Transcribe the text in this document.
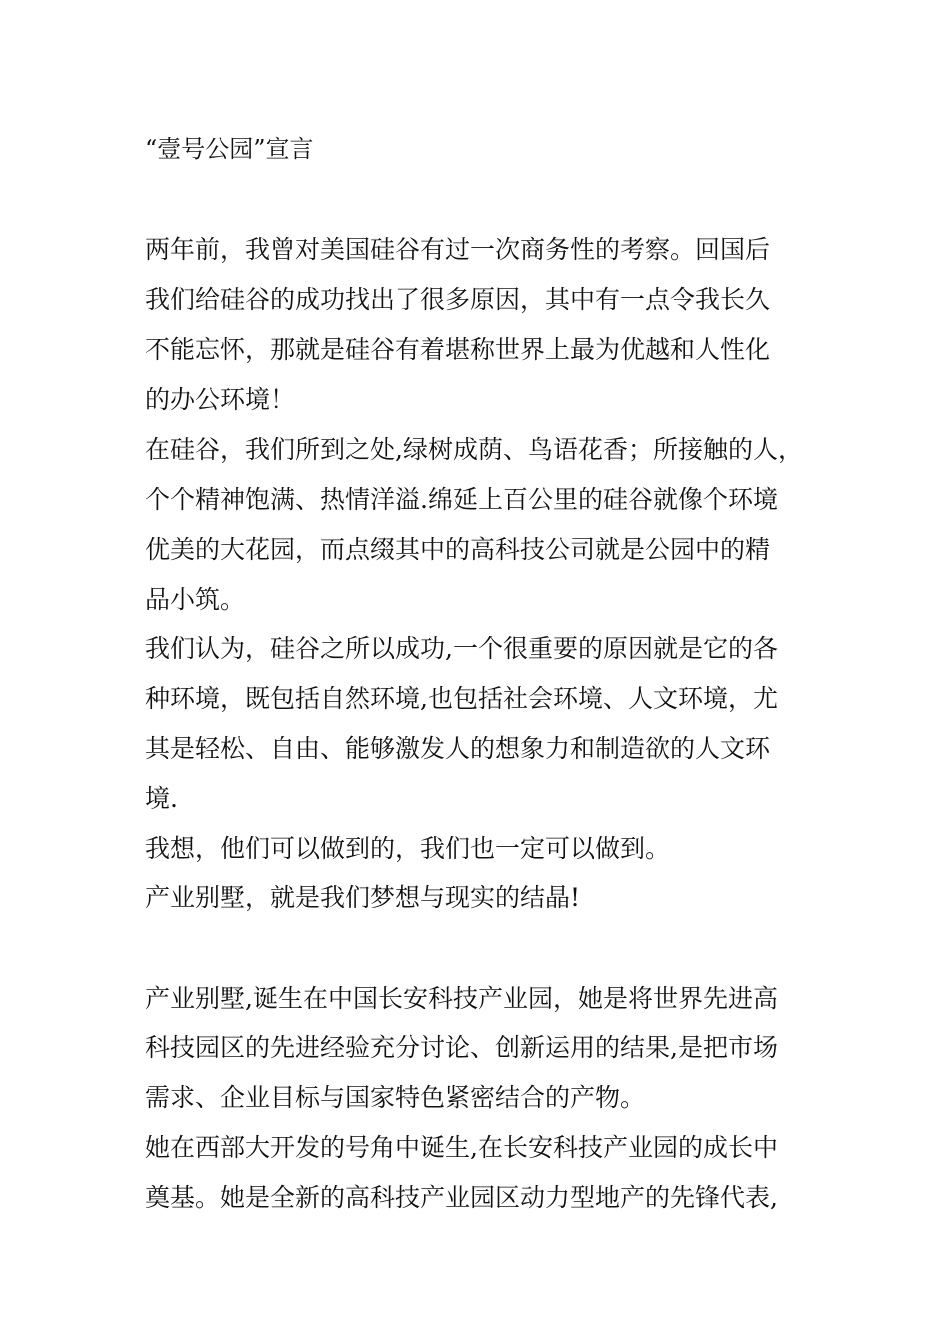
“壹号公园”宣言
两年前，我曾对美国硅谷有过一次商务性的考察。回国后
我们给硅谷的成功找出了很多原因，其中有一点令我长久
不能忘怀，那就是硅谷有着堪称世界上最为优越和人性化
的办公环境！
在硅谷，我们所到之处,绿树成荫、鸟语花香；所接触的人，
个个精神饱满、热情洋溢.绵延上百公里的硅谷就像个环境
优美的大花园，而点缀其中的高科技公司就是公园中的精
品小筑。
我们认为，硅谷之所以成功,一个很重要的原因就是它的各
种环境，既包括自然环境,也包括社会环境、人文环境，尤
其是轻松、自由、能够激发人的想象力和制造欲的人文环
境.
我想，他们可以做到的，我们也一定可以做到。
产业别墅，就是我们梦想与现实的结晶!
产业别墅,诞生在中国长安科技产业园，她是将世界先进高
科技园区的先进经验充分讨论、创新运用的结果,是把市场
需求、企业目标与国家特色紧密结合的产物。
她在西部大开发的号角中诞生,在长安科技产业园的成长中
奠基。她是全新的高科技产业园区动力型地产的先锋代表,
